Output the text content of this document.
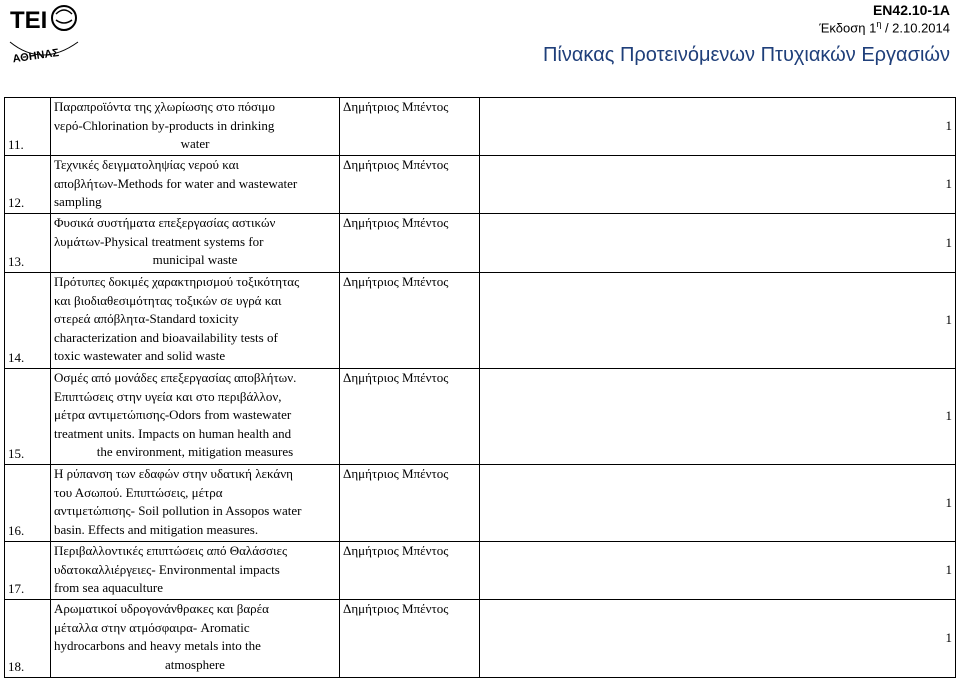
ΤΕΙ
ΑΘΗΝΑΣ
EN42.10-1A
Έκδοση $1^\eta / 2.10.2014$
Πίνακας Προτεινόμενων Πτυχιακών Εργασιών
11.	Παραπροϊόντα της χλωρίωσης στο πόσιμο
νερό-Chlorination by-products in drinking
water	Δημήτριος Μπέντος	1
12.	Τεχνικές δειγματοληψίας νερού και
αποβλήτων-Methods for water and wastewater
sampling	Δημήτριος Μπέντος	1
13.	Φυσικά συστήματα επεξεργασίας αστικών
λυμάτων-Physical treatment systems for
municipal waste	Δημήτριος Μπέντος	1
14.	Πρότυπες δοκιμές χαρακτηρισμού τοξικότητας
και βιοδιαθεσιμότητας τοξικών σε υγρά και
στερεά απόβλητα-Standard toxicity
characterization and bioavailability tests of
toxic wastewater and solid waste	Δημήτριος Μπέντος	1
15.	Οσμές από μονάδες επεξεργασίας αποβλήτων.
Επιπτώσεις στην υγεία και στο περιβάλλον,
μέτρα αντιμετώπισης-Odors from wastewater
treatment units. Impacts on human health and
the environment, mitigation measures	Δημήτριος Μπέντος	1
16.	Η ρύπανση των εδαφών στην υδατική λεκάνη
του Ασωπού. Επιπτώσεις, μέτρα
αντιμετώπισης- Soil pollution in Assopos water
basin. Effects and mitigation measures.	Δημήτριος Μπέντος	1
17.	Περιβαλλοντικές επιπτώσεις από Θαλάσσιες
υδατοκαλλιέργειες- Environmental impacts
from sea aquaculture	Δημήτριος Μπέντος	1
18.	Αρωματικοί υδρογονάνθρακες και βαρέα
μέταλλα στην ατμόσφαιρα- Aromatic
hydrocarbons and heavy metals into the
atmosphere	Δημήτριος Μπέντος	1
